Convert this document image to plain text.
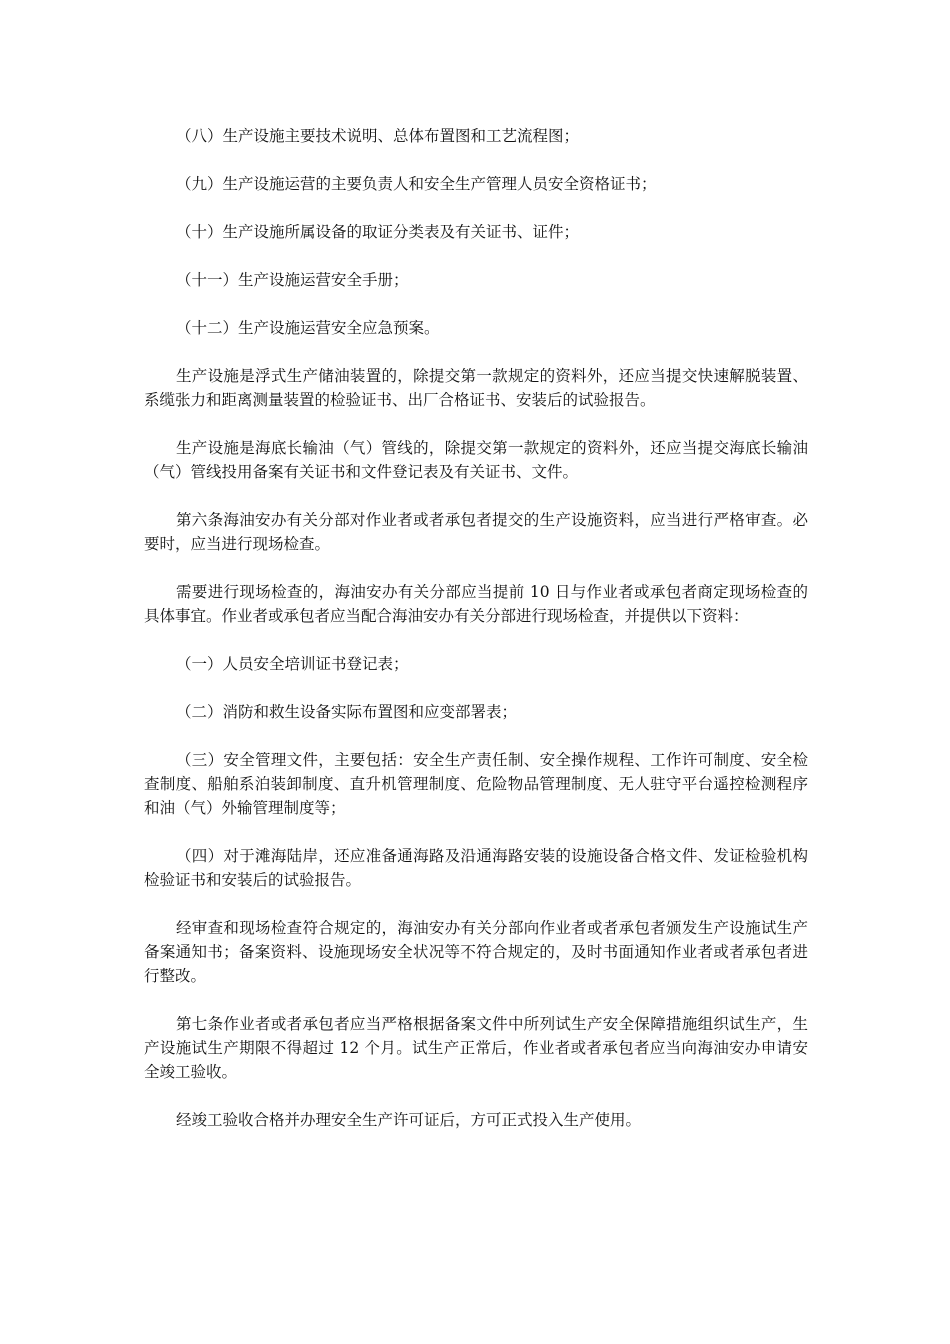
（八）生产设施主要技术说明、总体布置图和工艺流程图；

（九）生产设施运营的主要负责人和安全生产管理人员安全资格证书；

（十）生产设施所属设备的取证分类表及有关证书、证件；

（十一）生产设施运营安全手册；

（十二）生产设施运营安全应急预案。

生产设施是浮式生产储油装置的，除提交第一款规定的资料外，还应当提交快速解脱装置、系缆张力和距离测量装置的检验证书、出厂合格证书、安装后的试验报告。

生产设施是海底长输油（气）管线的，除提交第一款规定的资料外，还应当提交海底长输油（气）管线投用备案有关证书和文件登记表及有关证书、文件。

第六条海油安办有关分部对作业者或者承包者提交的生产设施资料，应当进行严格审查。必要时，应当进行现场检查。

需要进行现场检查的，海油安办有关分部应当提前 10 日与作业者或承包者商定现场检查的具体事宜。作业者或承包者应当配合海油安办有关分部进行现场检查，并提供以下资料：

（一）人员安全培训证书登记表；

（二）消防和救生设备实际布置图和应变部署表；

（三）安全管理文件，主要包括：安全生产责任制、安全操作规程、工作许可制度、安全检查制度、船舶系泊装卸制度、直升机管理制度、危险物品管理制度、无人驻守平台遥控检测程序和油（气）外输管理制度等；

（四）对于滩海陆岸，还应准备通海路及沿通海路安装的设施设备合格文件、发证检验机构检验证书和安装后的试验报告。

经审查和现场检查符合规定的，海油安办有关分部向作业者或者承包者颁发生产设施试生产备案通知书；备案资料、设施现场安全状况等不符合规定的，及时书面通知作业者或者承包者进行整改。

第七条作业者或者承包者应当严格根据备案文件中所列试生产安全保障措施组织试生产，生产设施试生产期限不得超过 12 个月。试生产正常后，作业者或者承包者应当向海油安办申请安全竣工验收。

经竣工验收合格并办理安全生产许可证后，方可正式投入生产使用。
